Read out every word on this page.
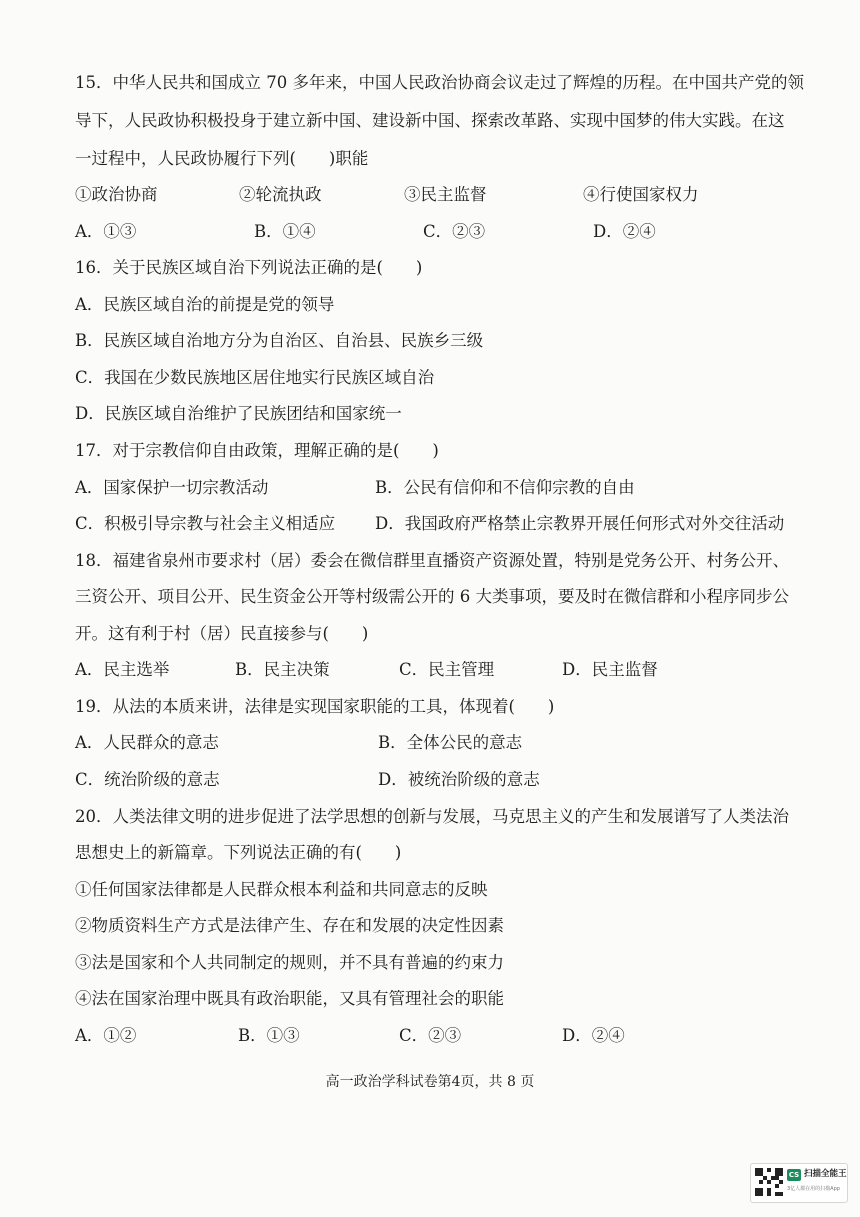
15．中华人民共和国成立 70 多年来，中国人民政治协商会议走过了辉煌的历程。在中国共产党的领
导下，人民政协积极投身于建立新中国、建设新中国、探索改革路、实现中国梦的伟大实践。在这
一过程中，人民政协履行下列(　　)职能
①政治协商	②轮流执政	③民主监督	④行使国家权力
A．①③	B．①④	C．②③	D．②④
16．关于民族区域自治下列说法正确的是(　　)
A．民族区域自治的前提是党的领导
B．民族区域自治地方分为自治区、自治县、民族乡三级
C．我国在少数民族地区居住地实行民族区域自治
D．民族区域自治维护了民族团结和国家统一
17．对于宗教信仰自由政策，理解正确的是(　　)
A．国家保护一切宗教活动	B．公民有信仰和不信仰宗教的自由
C．积极引导宗教与社会主义相适应 D．我国政府严格禁止宗教界开展任何形式对外交往活动
18．福建省泉州市要求村（居）委会在微信群里直播资产资源处置，特别是党务公开、村务公开、
三资公开、项目公开、民生资金公开等村级需公开的 6 大类事项，要及时在微信群和小程序同步公
开。这有利于村（居）民直接参与(　　)
A．民主选举	B．民主决策	C．民主管理	D．民主监督
19．从法的本质来讲，法律是实现国家职能的工具，体现着(　　)
A．人民群众的意志	B．全体公民的意志
C．统治阶级的意志	D．被统治阶级的意志
20．人类法律文明的进步促进了法学思想的创新与发展，马克思主义的产生和发展谱写了人类法治
思想史上的新篇章。下列说法正确的有(　　)
①任何国家法律都是人民群众根本利益和共同意志的反映
②物质资料生产方式是法律产生、存在和发展的决定性因素
③法是国家和个人共同制定的规则，并不具有普遍的约束力
④法在国家治理中既具有政治职能，又具有管理社会的职能
A．①②	B．①③	C．②③	D．②④
高一政治学科试卷第4页，共 8 页
CS 扫描全能王
3亿人都在用的扫描App
